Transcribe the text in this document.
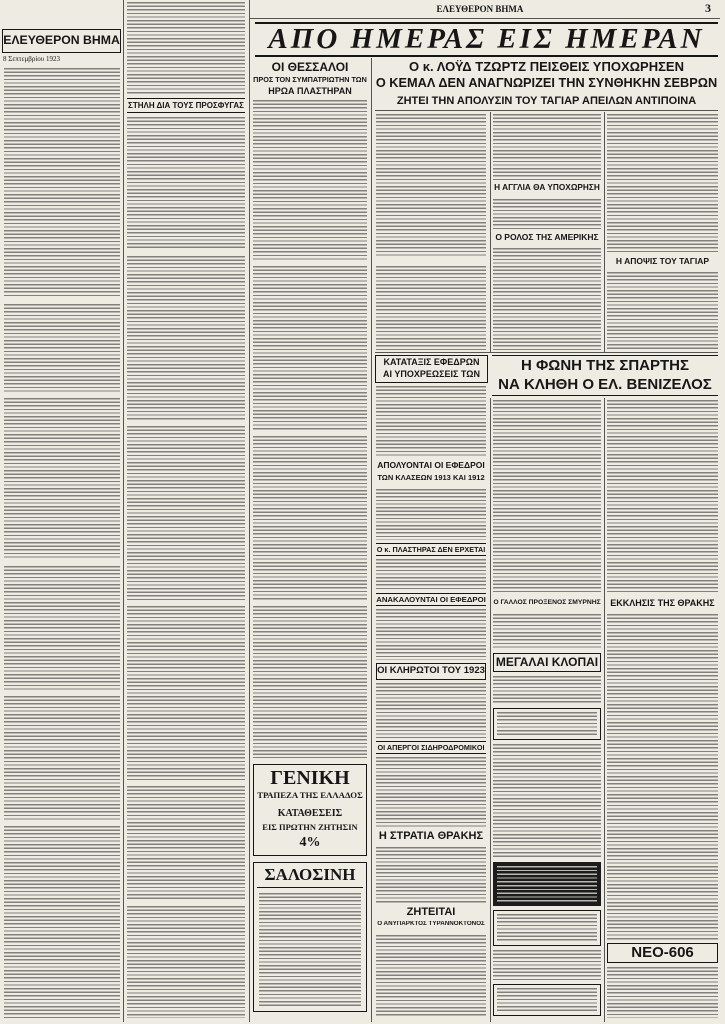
ΕΛΕΥΘΕΡΟΝ ΒΗΜΑ	3
ΕΛΕΥΘΕΡΟΝ ΒΗΜΑ
8 Σεπτεμβρίου 1923
ΑΠΟ ΗΜΕΡΑΣ ΕΙΣ ΗΜΕΡΑΝ
ΣΤΗΛΗ ΔΙΑ ΤΟΥΣ ΠΡΟΣΦΥΓΑΣ
ΟΙ ΘΕΣΣΑΛΟΙ
ΠΡΟΣ ΤΟΝ ΣΥΜΠΑΤΡΙΩΤΗΝ ΤΩΝ
ΗΡΩΑ ΠΛΑΣΤΗΡΑΝ
ΓΕΝΙΚΗ
ΤΡΑΠΕΖΑ ΤΗΣ ΕΛΛΑΔΟΣ
ΚΑΤΑΘΕΣΕΙΣ
ΕΙΣ ΠΡΩΤΗΝ ΖΗΤΗΣΙΝ
4%
ΣΑΛΟΣΙΝΗ
Ο κ. ΛΟΫΔ ΤΖΩΡΤΖ ΠΕΙΣΘΕΙΣ ΥΠΟΧΩΡΗΣΕΝ
Ο ΚΕΜΑΛ ΔΕΝ ΑΝΑΓΝΩΡΙΖΕΙ ΤΗΝ ΣΥΝΘΗΚΗΝ ΣΕΒΡΩΝ
ΖΗΤΕΙ ΤΗΝ ΑΠΟΛΥΣΙΝ ΤΟΥ ΤΑΓΙΑΡ ΑΠΕΙΛΩΝ ΑΝΤΙΠΟΙΝΑ
Η ΑΓΓΛΙΑ ΘΑ ΥΠΟΧΩΡΗΣΗ
Ο ΡΟΛΟΣ ΤΗΣ ΑΜΕΡΙΚΗΣ
Η ΑΠΟΨΙΣ ΤΟΥ ΤΑΓΙΑΡ
ΚΑΤΑΤΑΞΙΣ ΕΦΕΔΡΩΝ
ΑΙ ΥΠΟΧΡΕΩΣΕΙΣ ΤΩΝ
ΑΠΟΛΥΟΝΤΑΙ ΟΙ ΕΦΕΔΡΟΙ
ΤΩΝ ΚΛΑΣΕΩΝ 1913 ΚΑΙ 1912
Ο κ. ΠΛΑΣΤΗΡΑΣ ΔΕΝ ΕΡΧΕΤΑΙ
ΑΝΑΚΑΛΟΥΝΤΑΙ ΟΙ ΕΦΕΔΡΟΙ
ΟΙ ΚΛΗΡΩΤΟΙ ΤΟΥ 1923
ΟΙ ΑΠΕΡΓΟΙ ΣΙΔΗΡΟΔΡΟΜΙΚΟΙ
Η ΣΤΡΑΤΙΑ ΘΡΑΚΗΣ
ΖΗΤΕΙΤΑΙ
Ο ΑΝΥΠΑΡΚΤΟΣ ΤΥΡΑΝΝΟΚΤΟΝΟΣ
Η ΦΩΝΗ ΤΗΣ ΣΠΑΡΤΗΣ
ΝΑ ΚΛΗΘΗ Ο ΕΛ. ΒΕΝΙΖΕΛΟΣ
Ο ΓΑΛΛΟΣ ΠΡΟΞΕΝΟΣ ΣΜΥΡΝΗΣ
ΜΕΓΑΛΑΙ ΚΛΟΠΑΙ
ΕΚΚΛΗΣΙΣ ΤΗΣ ΘΡΑΚΗΣ
ΝΕΟ-606
